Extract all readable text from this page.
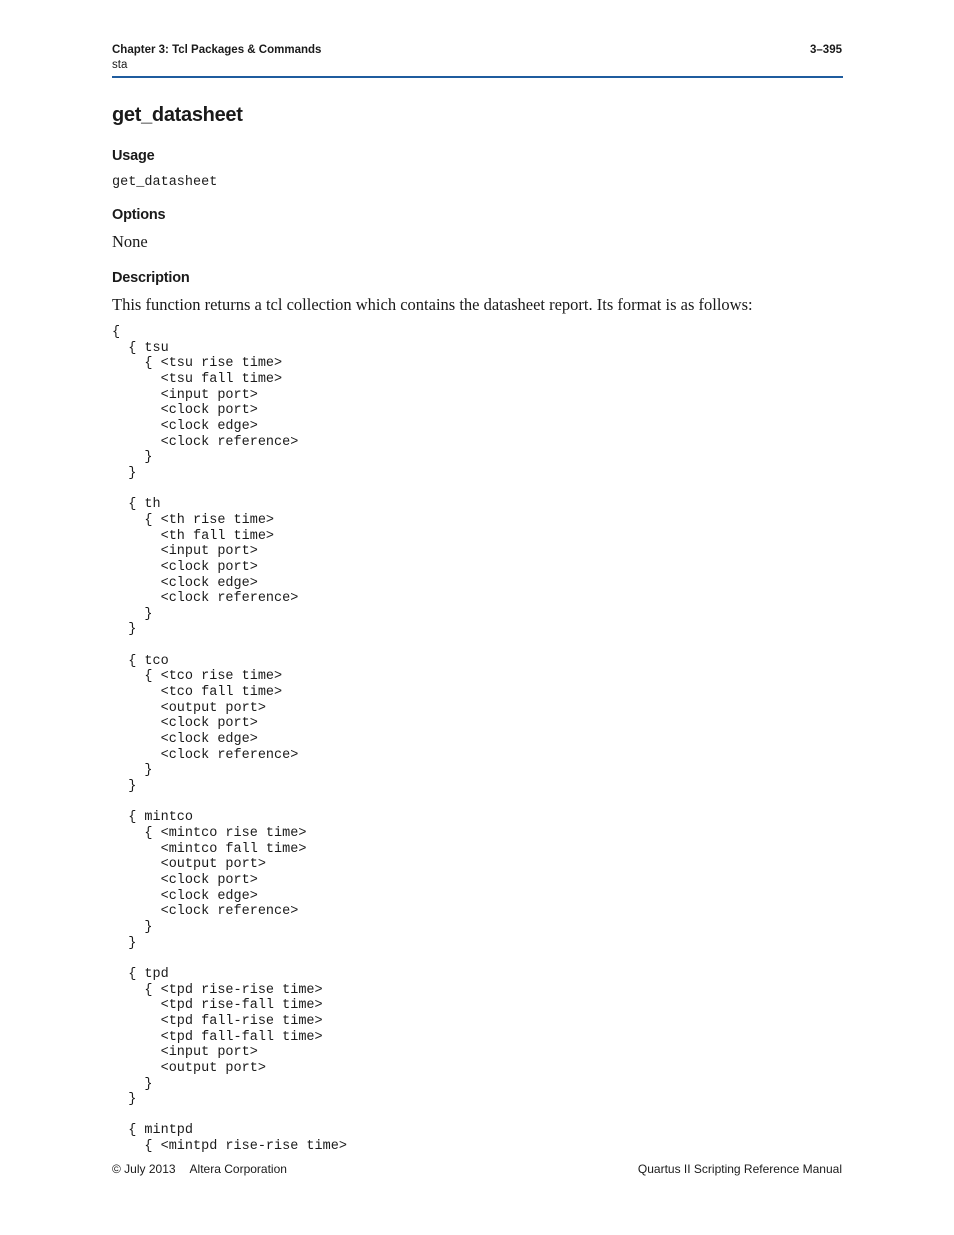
Chapter 3: Tcl Packages & Commands
sta
3–395
get_datasheet
Usage
get_datasheet
Options

None

Description

This function returns a tcl collection which contains the datasheet report. Its format is as follows:

{
{ tsu
{ <tsu rise time>
<tsu fall time>
<input port>
<clock port>
<clock edge>
<clock reference>
}
}

{ th
{ <th rise time>
<th fall time>
<input port>
<clock port>
<clock edge>
<clock reference>
}
}

{ tco
{ <tco rise time>
<tco fall time>
<output port>
<clock port>
<clock edge>
<clock reference>
}
}

{ mintco
{ <mintco rise time>
<mintco fall time>
<output port>
<clock port>
<clock edge>
<clock reference>
}
}

{ tpd
{ <tpd rise-rise time>
<tpd rise-fall time>
<tpd fall-rise time>
<tpd fall-fall time>
<input port>
<output port>
}
}

{ mintpd
{ <mintpd rise-rise time>
© July 2013 Altera Corporation	Quartus II Scripting Reference Manual
